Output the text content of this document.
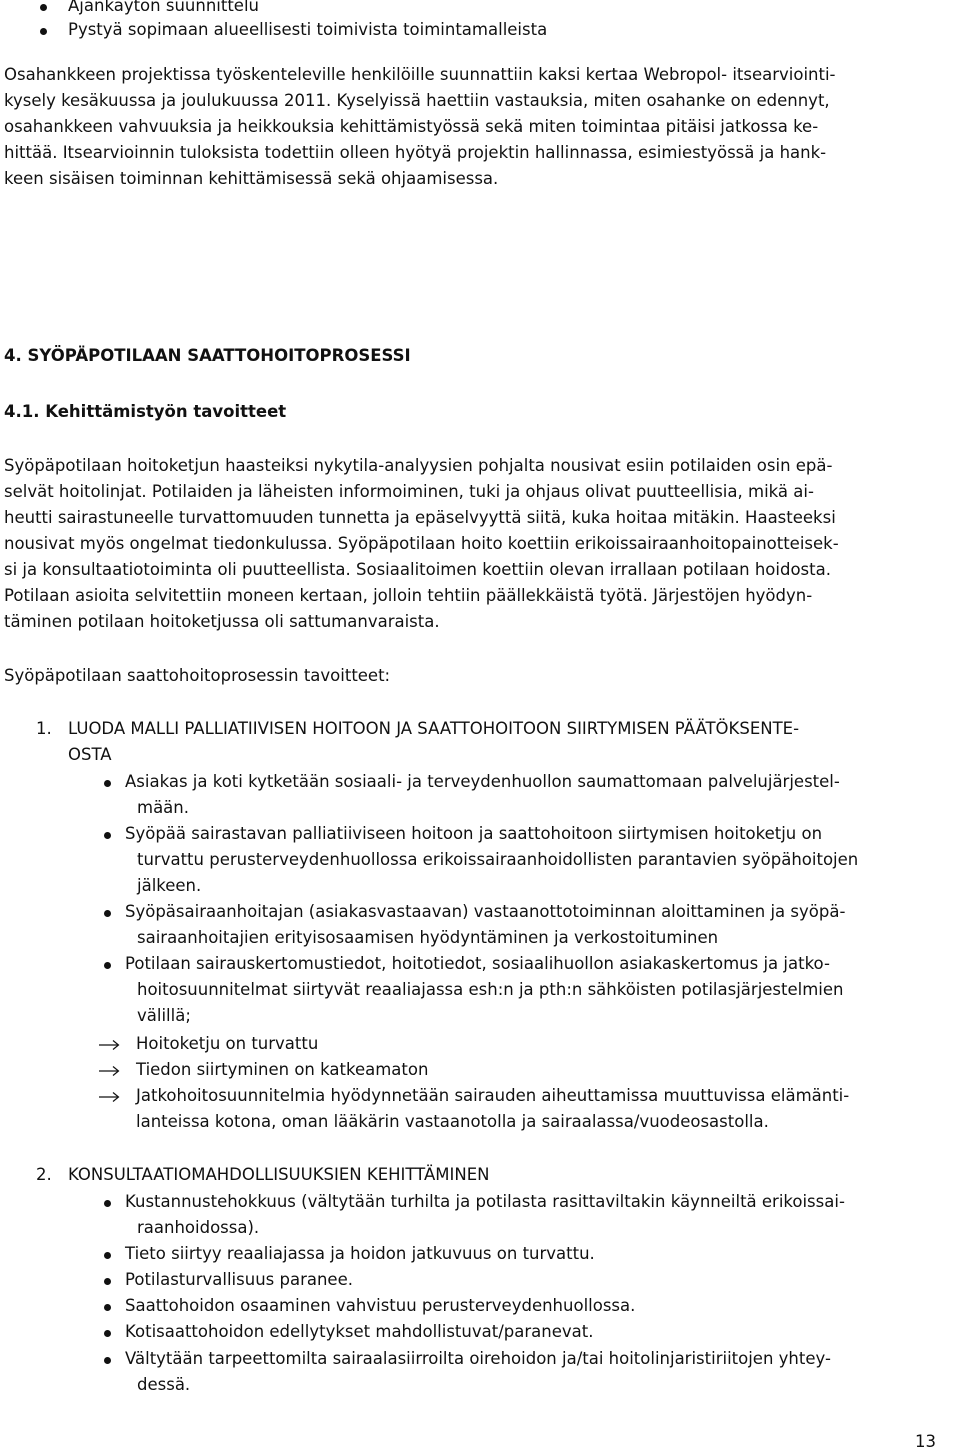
Ajankäytön suunnittelu
Pystyä sopimaan alueellisesti toimivista toimintamalleista
Osahankkeen projektissa työskenteleville henkilöille suunnattiin kaksi kertaa Webropol- itsearviointi-
kysely kesäkuussa ja joulukuussa 2011. Kyselyissä haettiin vastauksia, miten osahanke on edennyt,
osahankkeen vahvuuksia ja heikkouksia kehittämistyössä sekä miten toimintaa pitäisi jatkossa ke-
hittää. Itsearvioinnin tuloksista todettiin olleen hyötyä projektin hallinnassa, esimiestyössä ja hank-
keen sisäisen toiminnan kehittämisessä sekä ohjaamisessa.
4. SYÖPÄPOTILAAN SAATTOHOITOPROSESSI
4.1. Kehittämistyön tavoitteet
Syöpäpotilaan hoitoketjun haasteiksi nykytila-analyysien pohjalta nousivat esiin potilaiden osin epä-
selvät hoitolinjat. Potilaiden ja läheisten informoiminen, tuki ja ohjaus olivat puutteellisia, mikä ai-
heutti sairastuneelle turvattomuuden tunnetta ja epäselvyyttä siitä, kuka hoitaa mitäkin. Haasteeksi
nousivat myös ongelmat tiedonkulussa. Syöpäpotilaan hoito koettiin erikoissairaanhoitopainotteisek-
si ja konsultaatiotoiminta oli puutteellista. Sosiaalitoimen koettiin olevan irrallaan potilaan hoidosta.
Potilaan asioita selvitettiin moneen kertaan, jolloin tehtiin päällekkäistä työtä. Järjestöjen hyödyn-
täminen potilaan hoitoketjussa oli sattumanvaraista.
Syöpäpotilaan saattohoitoprosessin tavoitteet:
1. LUODA MALLI PALLIATIIVISEN HOITOON JA SAATTOHOITOON SIIRTYMISEN PÄÄTÖKSENTE-
OSTA
Asiakas ja koti kytketään sosiaali- ja terveydenhuollon saumattomaan palvelujärjestel-
mään.
Syöpää sairastavan palliatiiviseen hoitoon ja saattohoitoon siirtymisen hoitoketju on
turvattu perusterveydenhuollossa erikoissairaanhoidollisten parantavien syöpähoitojen
jälkeen.
Syöpäsairaanhoitajan (asiakasvastaavan) vastaanottotoiminnan aloittaminen ja syöpä-
sairaanhoitajien erityisosaamisen hyödyntäminen ja verkostoituminen
Potilaan sairauskertomustiedot, hoitotiedot, sosiaalihuollon asiakaskertomus ja jatko-
hoitosuunnitelmat siirtyvät reaaliajassa esh:n ja pth:n sähköisten potilasjärjestelmien
välillä;
Hoitoketju on turvattu
Tiedon siirtyminen on katkeamaton
Jatkohoitosuunnitelmia hyödynnetään sairauden aiheuttamissa muuttuvissa elämänti-
lanteissa kotona, oman lääkärin vastaanotolla ja sairaalassa/vuodeosastolla.
2. KONSULTAATIOMAHDOLLISUUKSIEN KEHITTÄMINEN
Kustannustehokkuus (vältytään turhilta ja potilasta rasittaviltakin käynneiltä erikoissai-
raanhoidossa).
Tieto siirtyy reaaliajassa ja hoidon jatkuvuus on turvattu.
Potilasturvallisuus paranee.
Saattohoidon osaaminen vahvistuu perusterveydenhuollossa.
Kotisaattohoidon edellytykset mahdollistuvat/paranevat.
Vältytään tarpeettomilta sairaalasiirroilta oirehoidon ja/tai hoitolinjaristiriitojen yhtey-
dessä.
13
